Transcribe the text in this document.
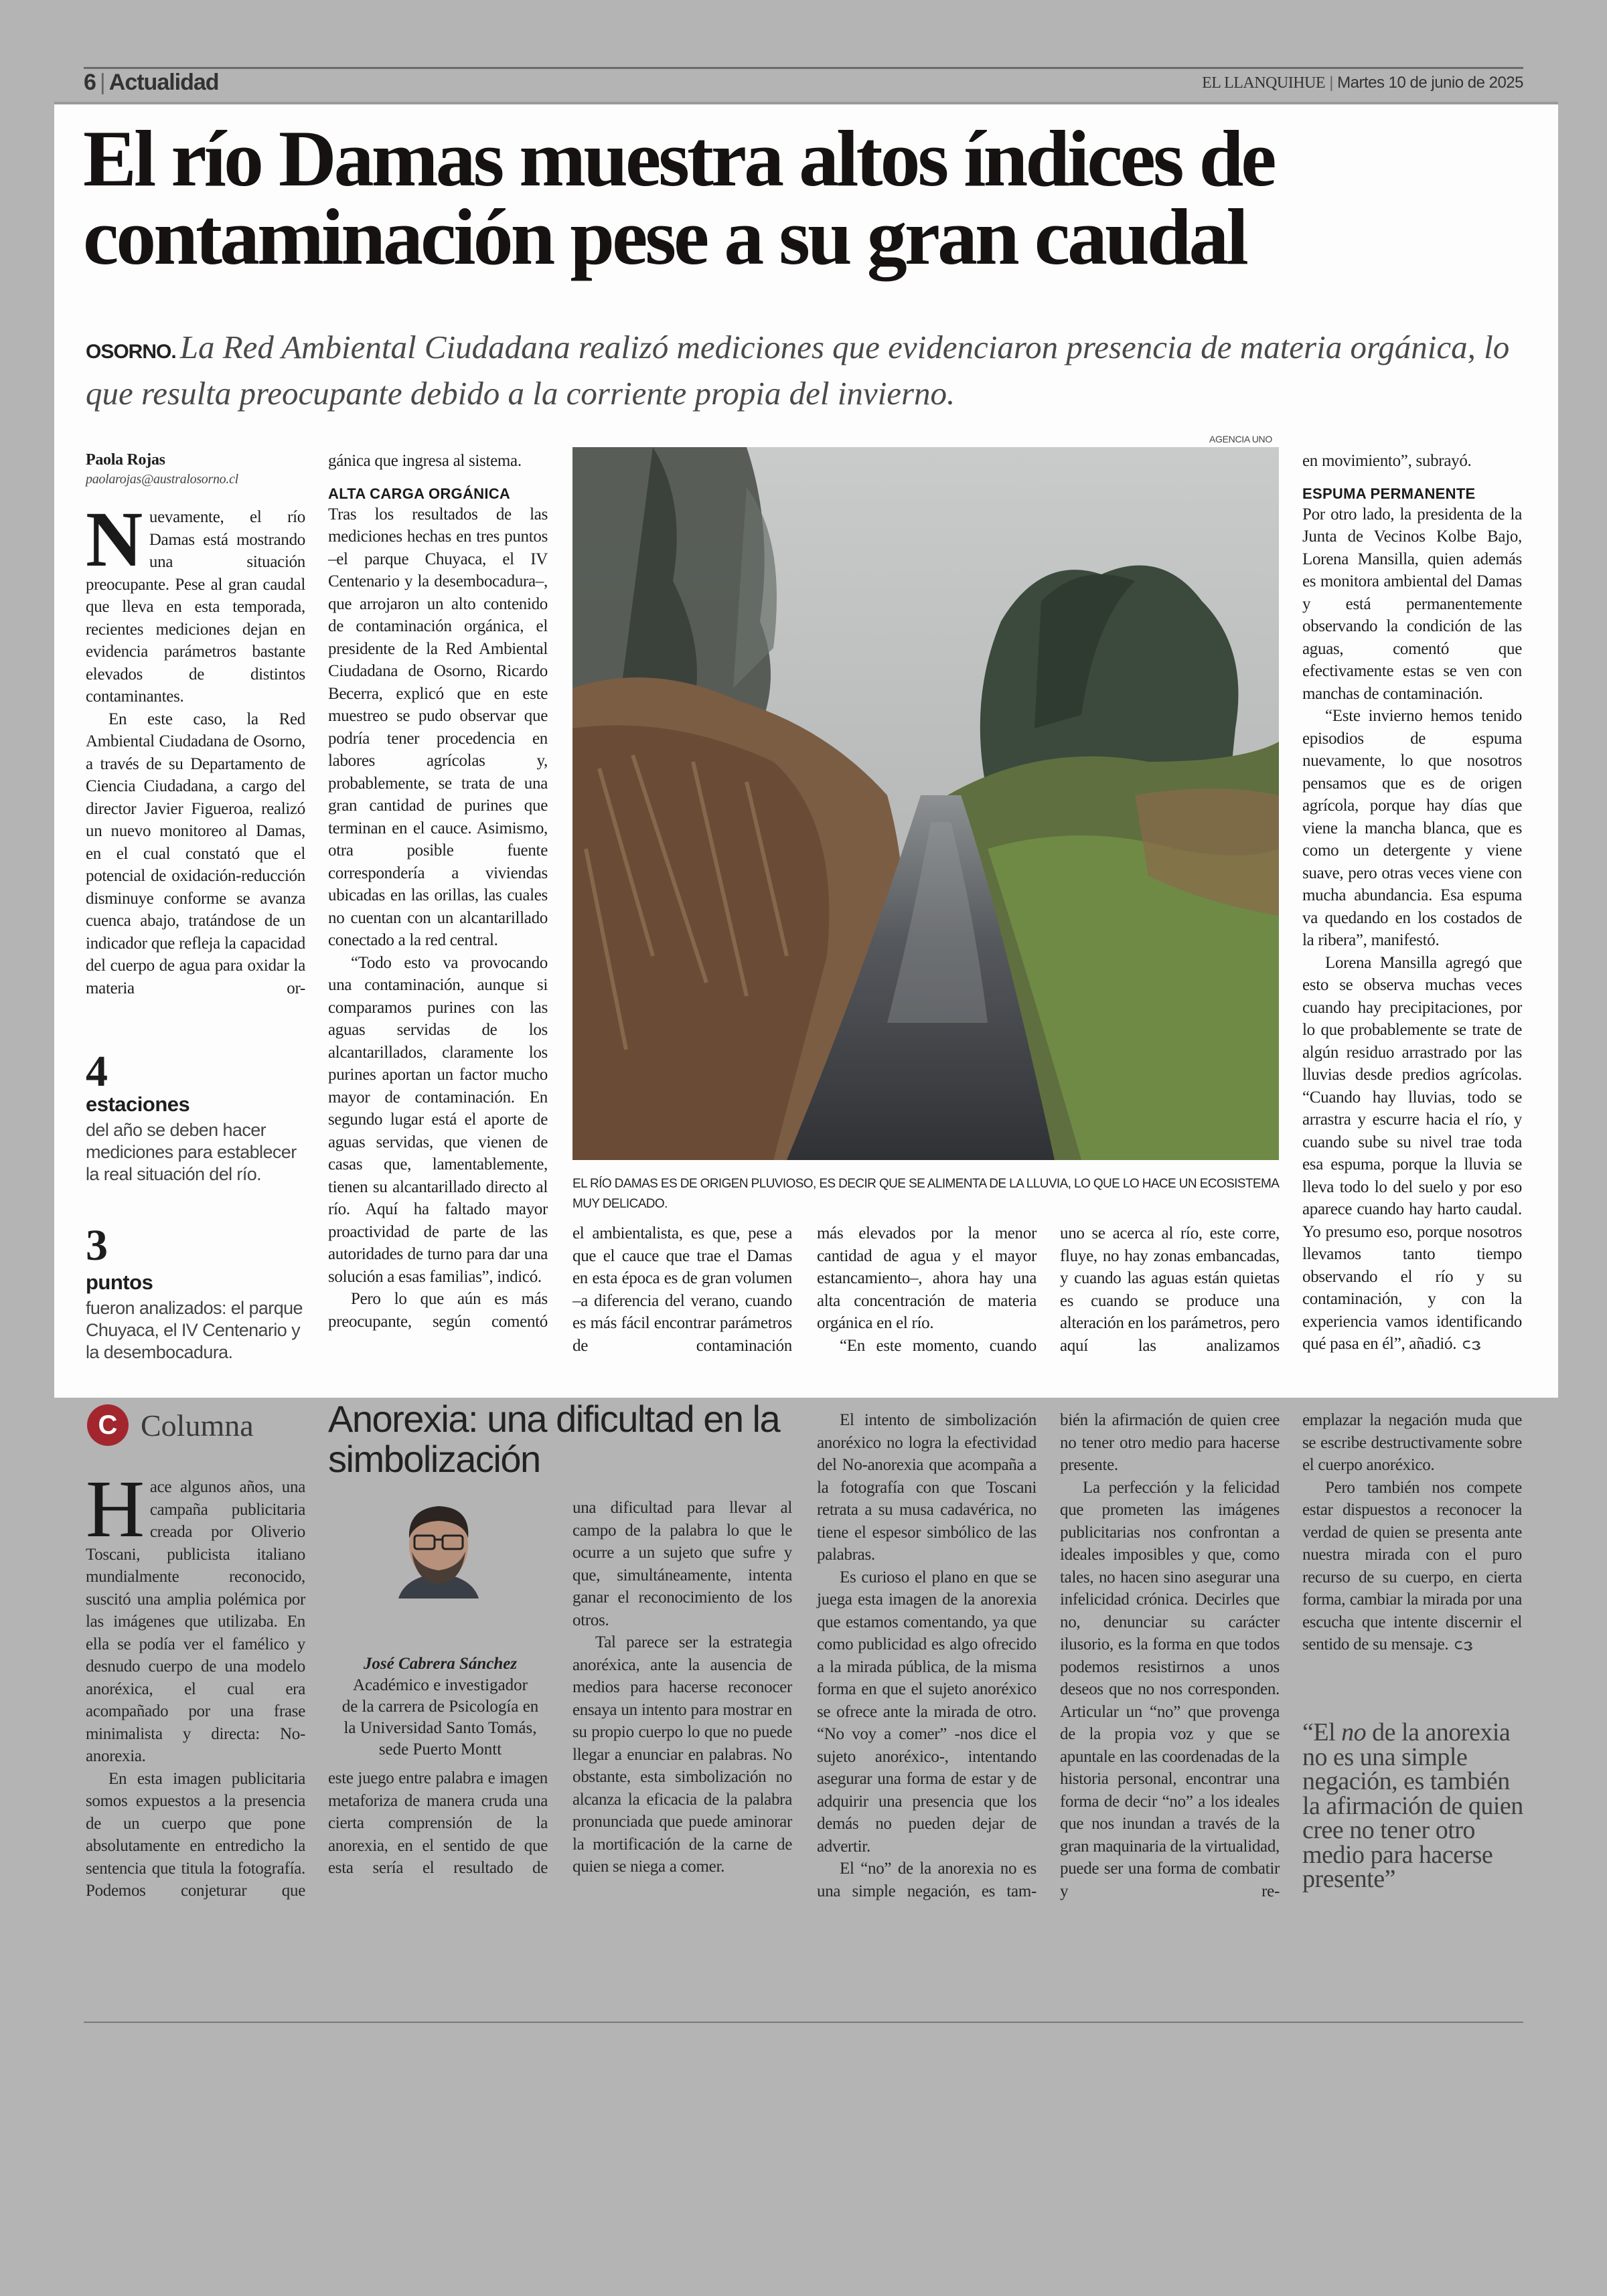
6 | Actualidad	EL LLANQUIHUE | Martes 10 de junio de 2025
El río Damas muestra altos índices de
contaminación pese a su gran caudal

OSORNO. La Red Ambiental Ciudadana realizó mediciones que evidenciaron presencia de materia orgánica, lo que resulta preocupante debido a la corriente propia del invierno.

Paola Rojas

paolarojas@australosorno.cl

Nuevamente, el río Damas está mostrando una situación preocupante. Pese al gran caudal que lleva en esta temporada, recientes mediciones dejan en evidencia parámetros bastante elevados de distintos contaminantes.

En este caso, la Red Ambiental Ciudadana de Osorno, a través de su Departamento de Ciencia Ciudadana, a cargo del director Javier Figueroa, realizó un nuevo monitoreo al Damas, en el cual constató que el potencial de oxidación-reducción disminuye conforme se avanza cuenca abajo, tratándose de un indicador que refleja la capacidad del cuerpo de agua para oxidar la materia or-

4
estaciones
del año se deben hacer mediciones para establecer la real situación del río.
3
puntos
fueron analizados: el parque Chuyaca, el IV Centenario y la desembocadura.

gánica que ingresa al sistema.

ALTA CARGA ORGÁNICA

Tras los resultados de las mediciones hechas en tres puntos –el parque Chuyaca, el IV Centenario y la desembocadura–, que arrojaron un alto contenido de contaminación orgánica, el presidente de la Red Ambiental Ciudadana de Osorno, Ricardo Becerra, explicó que en este muestreo se pudo observar que podría tener procedencia en labores agrícolas y, probablemente, se trata de una gran cantidad de purines que terminan en el cauce. Asimismo, otra posible fuente correspondería a viviendas ubicadas en las orillas, las cuales no cuentan con un alcantarillado conectado a la red central.

“Todo esto va provocando una contaminación, aunque si comparamos purines con las aguas servidas de los alcantarillados, claramente los purines aportan un factor mucho mayor de contaminación. En segundo lugar está el aporte de aguas servidas, que vienen de casas que, lamentablemente, tienen su alcantarillado directo al río. Aquí ha faltado mayor proactividad de parte de las autoridades de turno para dar una solución a esas familias”, indicó.

Pero lo que aún es más preocupante, según comentó

AGENCIA UNO
EL RÍO DAMAS ES DE ORIGEN PLUVIOSO, ES DECIR QUE SE ALIMENTA DE LA LLUVIA, LO QUE LO HACE UN ECOSISTEMA MUY DELICADO.

el ambientalista, es que, pese a que el cauce que trae el Damas en esta época es de gran volumen –a diferencia del verano, cuando es más fácil encontrar parámetros de contaminación

más elevados por la menor cantidad de agua y el mayor estancamiento–, ahora hay una alta concentración de materia orgánica en el río.

“En este momento, cuando

uno se acerca al río, este corre, fluye, no hay zonas embancadas, y cuando las aguas están quietas es cuando se produce una alteración en los parámetros, pero aquí las analizamos

en movimiento”, subrayó.

ESPUMA PERMANENTE

Por otro lado, la presidenta de la Junta de Vecinos Kolbe Bajo, Lorena Mansilla, quien además es monitora ambiental del Damas y está permanentemente observando la condición de las aguas, comentó que efectivamente estas se ven con manchas de contaminación.

“Este invierno hemos tenido episodios de espuma nuevamente, lo que nosotros pensamos que es de origen agrícola, porque hay días que viene la mancha blanca, que es como un detergente y viene suave, pero otras veces viene con mucha abundancia. Esa espuma va quedando en los costados de la ribera”, manifestó.

Lorena Mansilla agregó que esto se observa muchas veces cuando hay precipitaciones, por lo que probablemente se trate de algún residuo arrastrado por las lluvias desde predios agrícolas. “Cuando hay lluvias, todo se arrastra y escurre hacia el río, y cuando sube su nivel trae toda esa espuma, porque la lluvia se lleva todo lo del suelo y por eso aparece cuando hay harto caudal. Yo presumo eso, porque nosotros llevamos tanto tiempo observando el río y su contaminación, y con la experiencia vamos identificando qué pasa en él”, añadió.

C Columna Anorexia: una dificultad en la simbolización
José Cabrera Sánchez
Académico e investigador
de la carrera de Psicología en
la Universidad Santo Tomás,
sede Puerto Montt

Hace algunos años, una campaña publicitaria creada por Oliverio Toscani, publicista italiano mundialmente reconocido, suscitó una amplia polémica por las imágenes que utilizaba. En ella se podía ver el famélico y desnudo cuerpo de una modelo anoréxica, el cual era acompañado por una frase minimalista y directa: No-anorexia.

En esta imagen publicitaria somos expuestos a la presencia de un cuerpo que pone absolutamente en entredicho la sentencia que titula la fotografía. Podemos conjeturar que

este juego entre palabra e imagen metaforiza de manera cruda una cierta comprensión de la anorexia, en el sentido de que esta sería el resultado de

una dificultad para llevar al campo de la palabra lo que le ocurre a un sujeto que sufre y que, simultáneamente, intenta ganar el reconocimiento de los otros.

Tal parece ser la estrategia anoréxica, ante la ausencia de medios para hacerse reconocer ensaya un intento para mostrar en su propio cuerpo lo que no puede llegar a enunciar en palabras. No obstante, esta simbolización no alcanza la eficacia de la palabra pronunciada que puede aminorar la mortificación de la carne de quien se niega a comer.

El intento de simbolización anoréxico no logra la efectividad del No-anorexia que acompaña a la fotografía con que Toscani retrata a su musa cadavérica, no tiene el espesor simbólico de las palabras.

Es curioso el plano en que se juega esta imagen de la anorexia que estamos comentando, ya que como publicidad es algo ofrecido a la mirada pública, de la misma forma en que el sujeto anoréxico se ofrece ante la mirada de otro. “No voy a comer” -nos dice el sujeto anoréxico-, intentando asegurar una forma de estar y de adquirir una presencia que los demás no pueden dejar de advertir.

El “no” de la anorexia no es una simple negación, es tam-

bién la afirmación de quien cree no tener otro medio para hacerse presente.

La perfección y la felicidad que prometen las imágenes publicitarias nos confrontan a ideales imposibles y que, como tales, no hacen sino asegurar una infelicidad crónica. Decirles que no, denunciar su carácter ilusorio, es la forma en que todos podemos resistirnos a unos deseos que no nos corresponden. Articular un “no” que provenga de la propia voz y que se apuntale en las coordenadas de la historia personal, encontrar una forma de decir “no” a los ideales que nos inundan a través de la gran maquinaria de la virtualidad, puede ser una forma de combatir y re-

emplazar la negación muda que se escribe destructivamente sobre el cuerpo anoréxico.

Pero también nos compete estar dispuestos a reconocer la verdad de quien se presenta ante nuestra mirada con el puro recurso de su cuerpo, en cierta forma, cambiar la mirada por una escucha que intente discernir el sentido de su mensaje.

“El no de la anorexia no es una simple negación, es también la afirmación de quien cree no tener otro medio para hacerse presente”
